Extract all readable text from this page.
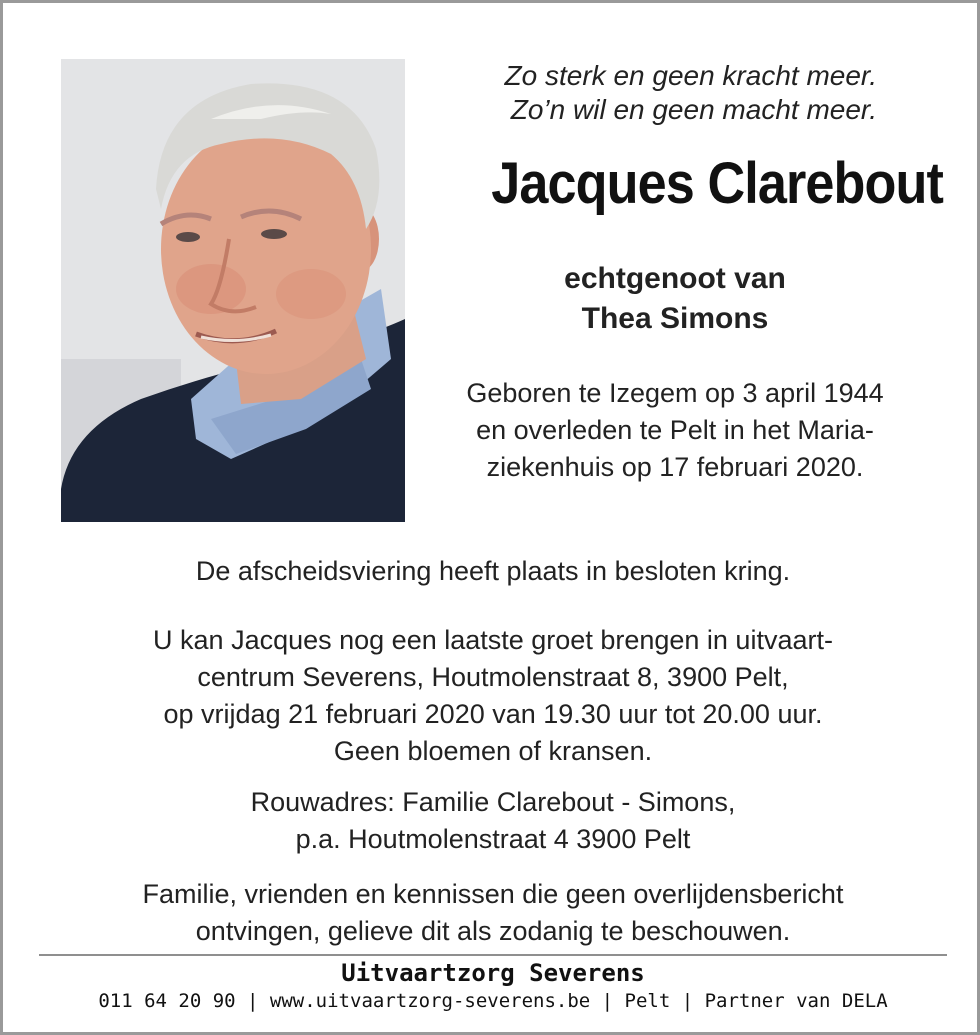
Zo sterk en geen kracht meer.
Zo’n wil en geen macht meer.
Jacques Clarebout
echtgenoot van
Thea Simons
Geboren te Izegem op 3 april 1944
en overleden te Pelt in het Maria-
ziekenhuis op 17 februari 2020.
De afscheidsviering heeft plaats in besloten kring.
U kan Jacques nog een laatste groet brengen in uitvaart-
centrum Severens, Houtmolenstraat 8, 3900 Pelt,
op vrijdag 21 februari 2020 van 19.30 uur tot 20.00 uur.
Geen bloemen of kransen.
Rouwadres: Familie Clarebout - Simons,
p.a. Houtmolenstraat 4 3900 Pelt
Familie, vrienden en kennissen die geen overlijdensbericht
ontvingen, gelieve dit als zodanig te beschouwen.
Uitvaartzorg Severens
011 64 20 90 | www.uitvaartzorg-severens.be | Pelt | Partner van DELA
